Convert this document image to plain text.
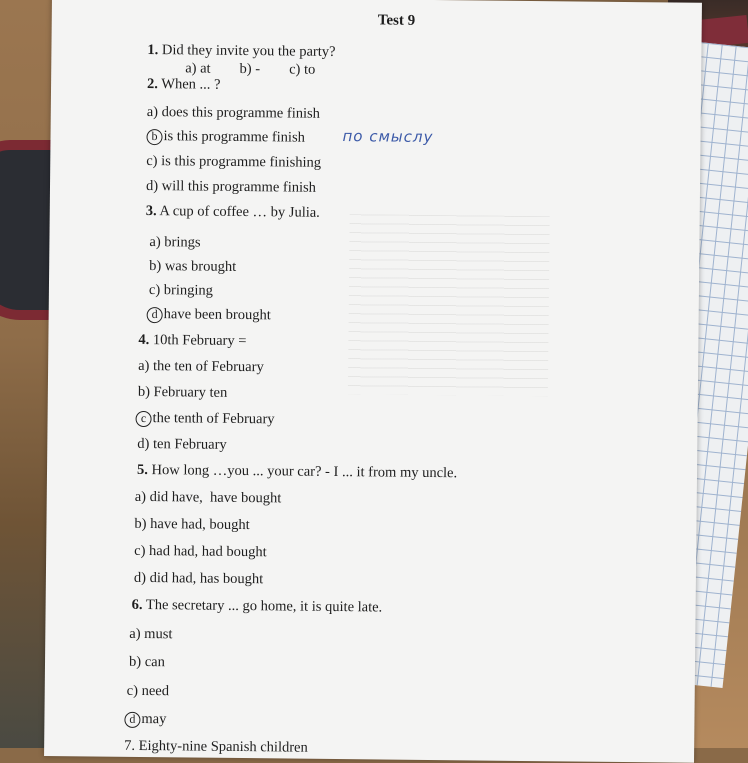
Test 9
1. Did they invite you the party?
a) at        b) -        c) to
2. When ... ?
a) does this programme finish
b is this programme finish по смыслу
c) is this programme finishing
d) will this programme finish
3. A cup of coffee … by Julia.
a) brings
b) was brought
c) bringing
d have been brought
4. 10th February =
a) the ten of February
b) February ten
c the tenth of February
d) ten February
5. How long …you ... your car? - I ... it from my uncle.
a) did have,  have bought
b) have had, bought
c) had had, had bought
d) did had, has bought
6. The secretary ... go home, it is quite late.
a) must
b) can
c) need
d may
7. Eighty-nine Spanish children
